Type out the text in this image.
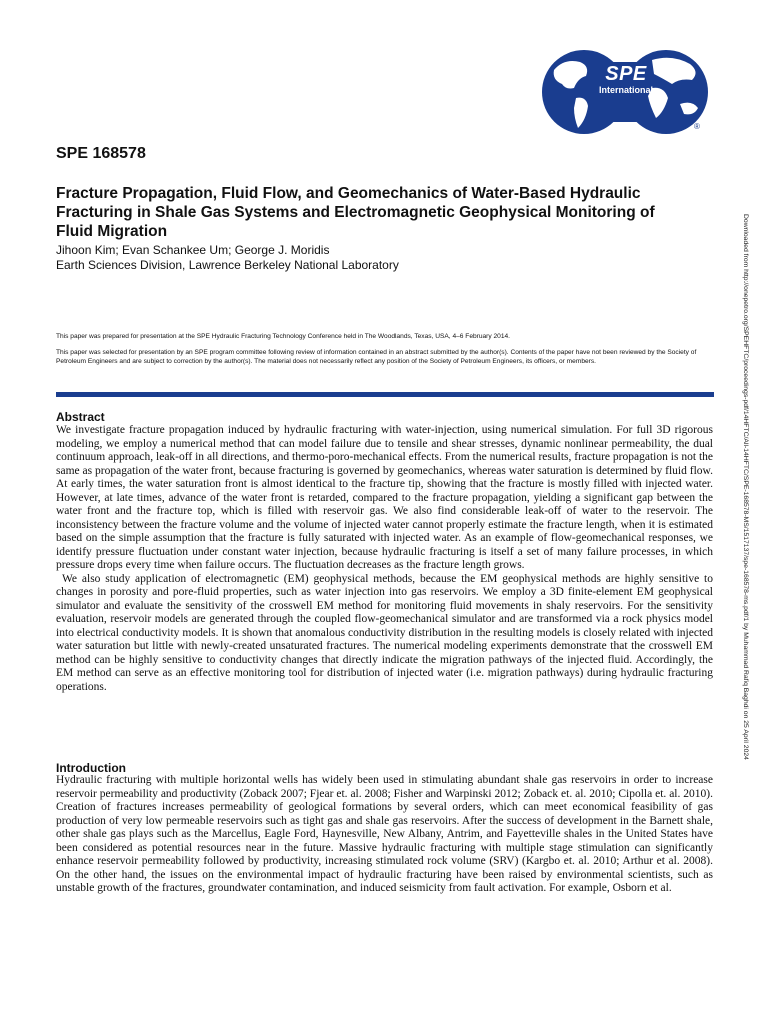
SPE
International
®
SPE 168578
Fracture Propagation, Fluid Flow, and Geomechanics of Water-Based Hydraulic Fracturing in Shale Gas Systems and Electromagnetic Geophysical Monitoring of Fluid Migration
Jihoon Kim; Evan Schankee Um; George J. Moridis
Earth Sciences Division, Lawrence Berkeley National Laboratory

This paper was prepared for presentation at the SPE Hydraulic Fracturing Technology Conference held in The Woodlands, Texas, USA, 4–6 February 2014.

This paper was selected for presentation by an SPE program committee following review of information contained in an abstract submitted by the author(s). Contents of the paper have not been reviewed by the Society of Petroleum Engineers and are subject to correction by the author(s). The material does not necessarily reflect any position of the Society of Petroleum Engineers, its officers, or members.

Abstract

We investigate fracture propagation induced by hydraulic fracturing with water-injection, using numerical simulation. For full 3D rigorous modeling, we employ a numerical method that can model failure due to tensile and shear stresses, dynamic nonlinear permeability, the dual continuum approach, leak-off in all directions, and thermo-poro-mechanical effects. From the numerical results, fracture propagation is not the same as propagation of the water front, because fracturing is governed by geomechanics, whereas water saturation is determined by fluid flow. At early times, the water saturation front is almost identical to the fracture tip, showing that the fracture is mostly filled with injected water. However, at late times, advance of the water front is retarded, compared to the fracture propagation, yielding a significant gap between the water front and the fracture top, which is filled with reservoir gas. We also find considerable leak-off of water to the reservoir. The inconsistency between the fracture volume and the volume of injected water cannot properly estimate the fracture length, when it is estimated based on the simple assumption that the fracture is fully saturated with injected water. As an example of flow-geomechanical responses, we identify pressure fluctuation under constant water injection, because hydraulic fracturing is itself a set of many failure processes, in which pressure drops every time when failure occurs. The fluctuation decreases as the fracture length grows.

We also study application of electromagnetic (EM) geophysical methods, because the EM geophysical methods are highly sensitive to changes in porosity and pore-fluid properties, such as water injection into gas reservoirs. We employ a 3D finite-element EM geophysical simulator and evaluate the sensitivity of the crosswell EM method for monitoring fluid movements in shaly reservoirs. For the sensitivity evaluation, reservoir models are generated through the coupled flow-geomechanical simulator and are transformed via a rock physics model into electrical conductivity models. It is shown that anomalous conductivity distribution in the resulting models is closely related with injected water saturation but little with newly-created unsaturated fractures. The numerical modeling experiments demonstrate that the crosswell EM method can be highly sensitive to conductivity changes that directly indicate the migration pathways of the injected fluid. Accordingly, the EM method can serve as an effective monitoring tool for distribution of injected water (i.e. migration pathways) during hydraulic fracturing operations.

Introduction

Hydraulic fracturing with multiple horizontal wells has widely been used in stimulating abundant shale gas reservoirs in order to increase reservoir permeability and productivity (Zoback 2007; Fjear et. al. 2008; Fisher and Warpinski 2012; Zoback et. al. 2010; Cipolla et. al. 2010). Creation of fractures increases permeability of geological formations by several orders, which can meet economical feasibility of gas production of very low permeable reservoirs such as tight gas and shale gas reservoirs. After the success of development in the Barnett shale, other shale gas plays such as the Marcellus, Eagle Ford, Haynesville, New Albany, Antrim, and Fayetteville shales in the United States have been considered as potential resources near in the future. Massive hydraulic fracturing with multiple stage stimulation can significantly enhance reservoir permeability followed by productivity, increasing stimulated rock volume (SRV) (Kargbo et. al. 2010; Arthur et al. 2008). On the other hand, the issues on the environmental impact of hydraulic fracturing have been raised by environmental scientists, such as unstable growth of the fractures, groundwater contamination, and induced seismicity from fault activation. For example, Osborn et al.

Downloaded from http://onepetro.org/SPEHFTC/proceedings-pdf/14HFTC/All-14HFTC/SPE-168578-MS/1517137/spe-168578-ms.pdf/1 by Muhammad Rafiq Baghdi on 25 April 2024
